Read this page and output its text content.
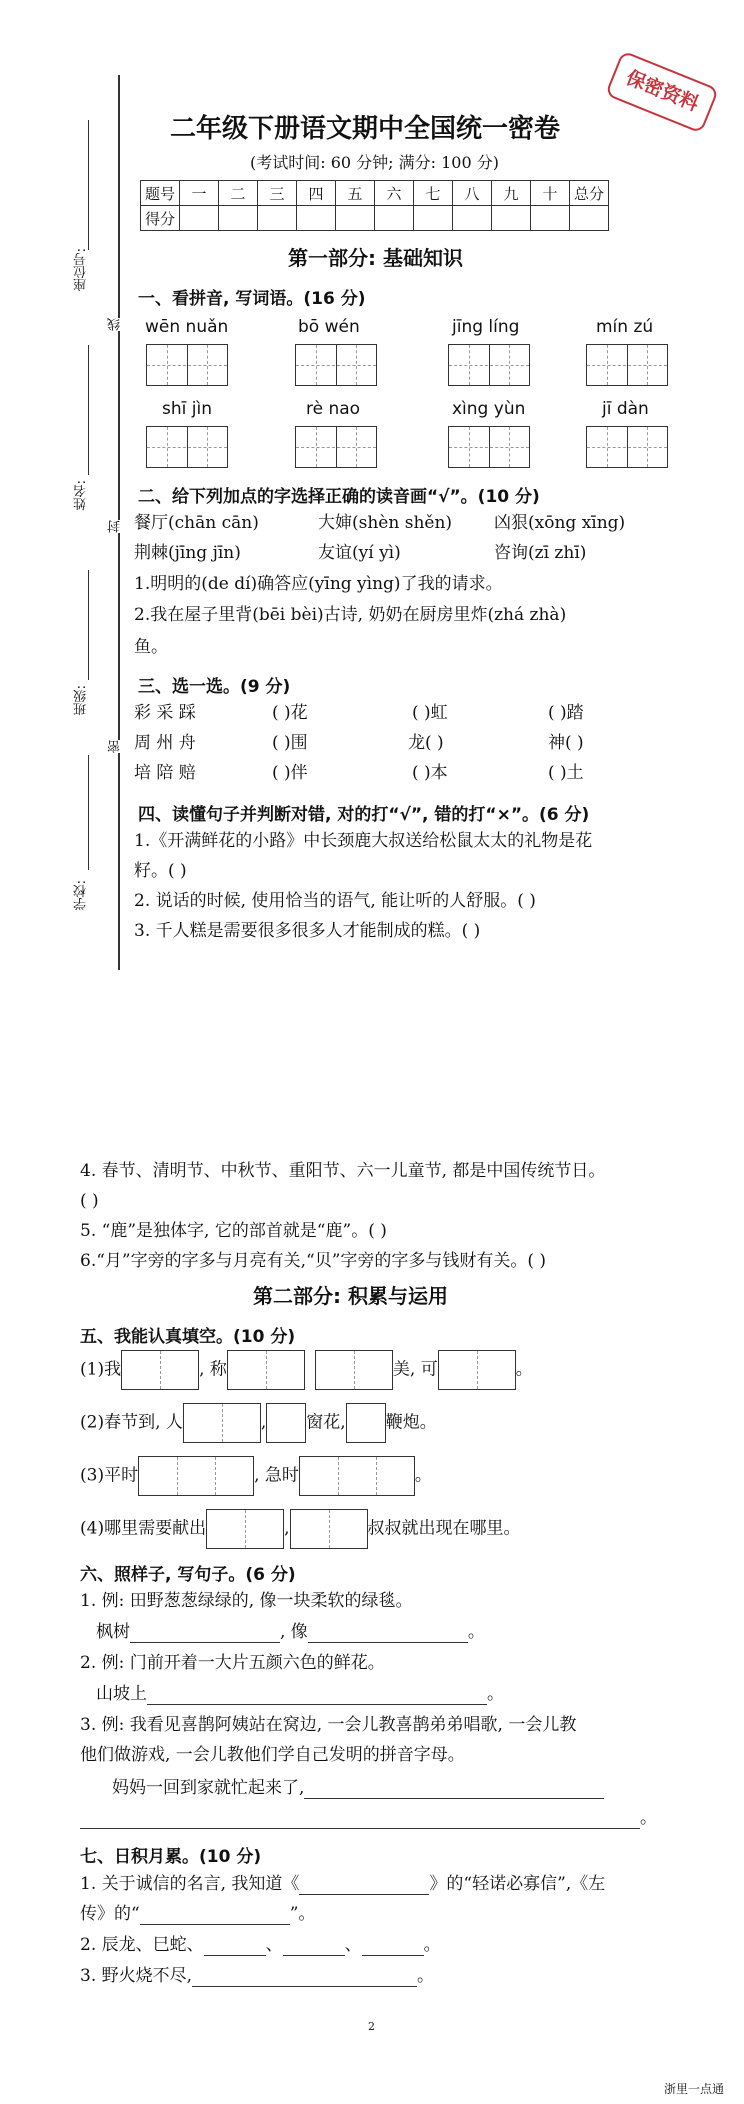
保密资料
座位号:
姓名:
班级:
学校:
线
封
密
二年级下册语文期中全国统一密卷
(考试时间: 60 分钟; 满分: 100 分)
题号	一	二	三	四	五	六	七	八	九	十	总分
得分											
第一部分: 基础知识
一、看拼音, 写词语。(16 分)
wēn nuǎn	bō wén	jīng líng	mín zú
shī jìn	rè nao	xìng yùn	jī dàn
二、给下列加点的字选择正确的读音画“√”。(10 分)
餐厅(chān cān)	大婶(shèn shěn) 凶狠(xōng xīng)
荆棘(jīng jīn)	友谊(yí yì)	咨询(zī zhī)
1.明明的(de dí)确答应(yīng yìng)了我的请求。
2.我在屋子里背(bēi bèi)古诗, 奶奶在厨房里炸(zhá zhà)
鱼。
三、选一选。(9 分)
彩 采 踩	( )花	( )虹	( )踏
周 州 舟	( )围	龙( )	神( )
培 陪 赔	( )伴	( )本	( )土
四、读懂句子并判断对错, 对的打“√”, 错的打“×”。(6 分)
1.《开满鲜花的小路》中长颈鹿大叔送给松鼠太太的礼物是花
籽。( )
2. 说话的时候, 使用恰当的语气, 能让听的人舒服。( )
3. 千人糕是需要很多很多人才能制成的糕。( )
4. 春节、清明节、中秋节、重阳节、六一儿童节, 都是中国传统节日。
( )
5. “鹿”是独体字, 它的部首就是“鹿”。( )
6.“月”字旁的字多与月亮有关,“贝”字旁的字多与钱财有关。( )
第二部分: 积累与运用
五、我能认真填空。(10 分)
(1)我	, 称	美, 可	。
(2)春节到, 人	, 窗花, 鞭炮。
(3)平时	, 急时	。
(4)哪里需要献出	,	叔叔就出现在哪里。
六、照样子, 写句子。(6 分)
1. 例: 田野葱葱绿绿的, 像一块柔软的绿毯。
枫树	, 像	。
2. 例: 门前开着一大片五颜六色的鲜花。
山坡上	。
3. 例: 我看见喜鹊阿姨站在窝边, 一会儿教喜鹊弟弟唱歌, 一会儿教
他们做游戏, 一会儿教他们学自己发明的拼音字母。
妈妈一回到家就忙起来了,
。
七、日积月累。(10 分)
1. 关于诚信的名言, 我知道《	》的“轻诺必寡信”,《左
传》的“	”。
2. 辰龙、巳蛇、	、	、	。
3. 野火烧不尽,	。
2
浙里一点通
